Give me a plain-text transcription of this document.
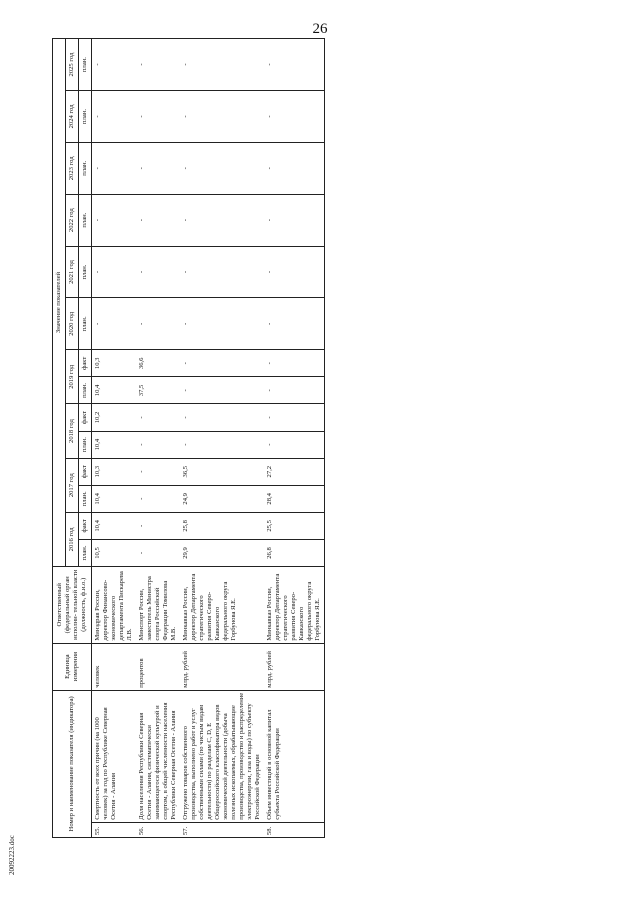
26
20092223.doc
Номер и наименование показателя (индикатора)		Единица измерения	Ответственный (федеральный орган исполни- тельной власти (должность, ф.и.о.)	Значение показателей													
				2016 год		2017 год		2018 год		2019 год		2020 год	2021 год	2022 год	2023 год	2024 год	2025 год
				план.	факт	план.	факт	план.	факт	план.	факт	план.	план.	план.	план.	план.	план.
55.	Смертность от всех причин (на 1000 человек) за год по Республике Северная Осетия - Алания	человек	Минздрав России, директор Финансово-экономического департамента Пискарева Л.В.	10,5	10,4	10,4	10,3	10,4	10,2	10,4	10,3	-	-	-	-	-	-
56.	Доля населения Республики Северная Осетия - Алания, систематически занимающегося физической культурой и спортом, в общей численности населения Республики Северная Осетия - Алания	процентов	Минспорт России, заместитель Министра спорта Российской Федерации Томилова М.В.	-	-	-	-	-	-	37,5	36,6	-	-	-	-	-	-
57.	Отгружено товаров собственного производства, выполнено работ и услуг собственными силами (по чистым видам деятельности) по разделам C, D, E Общероссийского классификатора видов экономической деятельности (добыча полезных ископаемых, обрабатывающие производства, производство и распределение электроэнергии, газа и воды) по субъекту Российской Федерации	млрд. рублей	Минкавказ России, директор Департамента стратегического развития Северо-Кавказского федерального округа Горбунова Я.Е.	29,9	25,8	24,9	36,5	-	-	-	-	-	-	-	-	-	-
58.	Объем инвестиций в основной капитал субъекта Российской Федерации	млрд. рублей	Минкавказ России, директор Департамента стратегического развития Северо-Кавказского федерального округа Горбунова Я.Е.	26,8	25,5	28,4	27,2	-	-	-	-	-	-	-	-	-	-
